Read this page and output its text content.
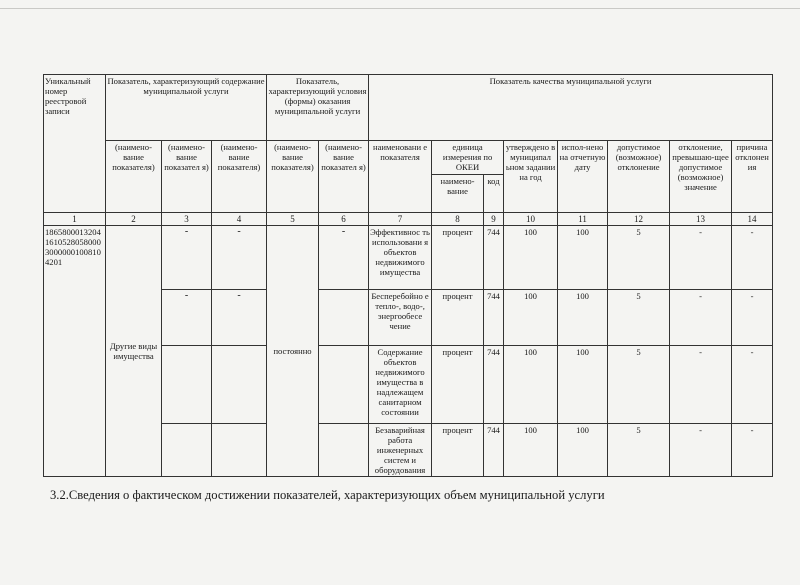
Уникальный номер реестровой записи	Показатель, характеризующий содержание муниципальной услуги			Показатель, характеризующий условия (формы) оказания муниципальной услуги		Показатель качества муниципальной услуги							
	(наимено-вание показателя)	(наимено-вание показател я)	(наимено-вание показателя)	(наимено-вание показателя)	(наимено-вание показател я)	наименовани е показателя	единица измерения по ОКЕИ		утверждено в муниципал ьном задании на год	испол-нено на отчетную дату	допустимое (возможное) отклонение	отклонение, превышаю-щее допустимое (возможное) значение	причина отклонения
							наимено-вание	код					
1	2	3	4	5	6	7	8	9	10	11	12	13	14
1865800013204161052805800030000001008104201	Другие виды имущества	-	-	постоянно	-	Эффективнос ть использовани я объектов недвижимого имущества	процент	744	100	100	5	-	-
		-	-			Бесперебойно е тепло-, водо-, энергообесе чение	процент	744	100	100	5	-	-
						Содержание объектов недвижимого имущества в надлежащем санитарном состоянии	процент	744	100	100	5	-	-
						Безаварийная работа инженерных систем и оборудования	процент	744	100	100	5	-	-
3.2.Сведения о фактическом достижении показателей, характеризующих объем муниципальной услуги
